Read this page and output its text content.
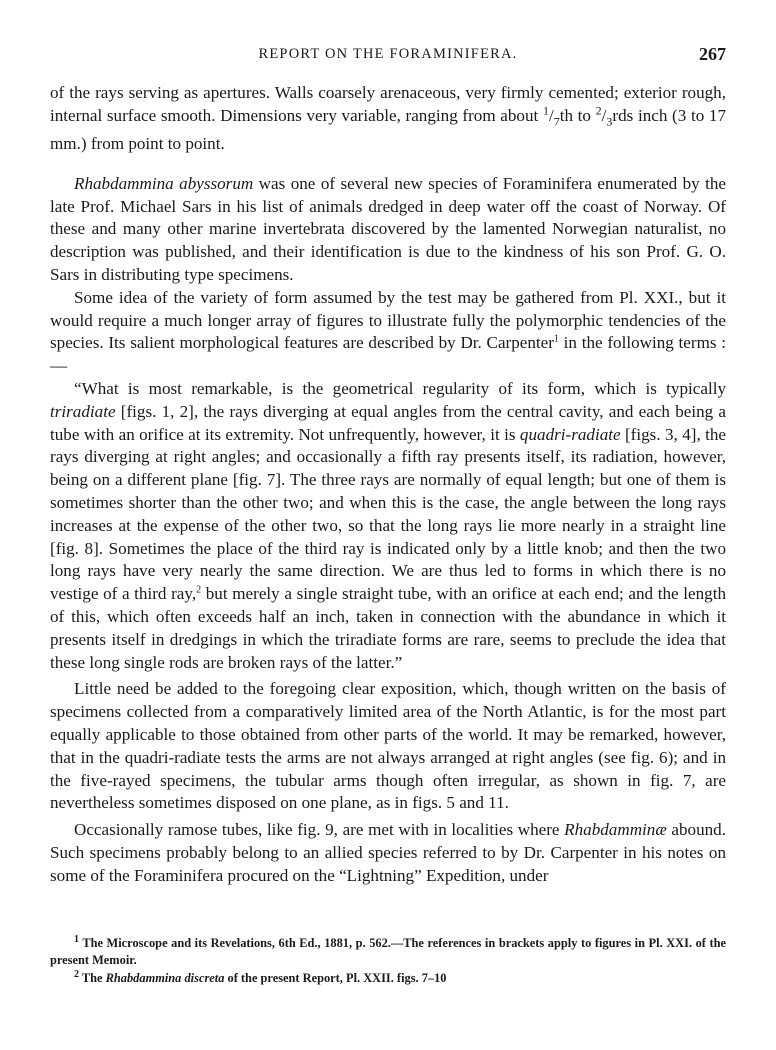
REPORT ON THE FORAMINIFERA.	267

of the rays serving as apertures. Walls coarsely arenaceous, very firmly cemented; exterior rough, internal surface smooth. Dimensions very variable, ranging from about $^1/_7th$ to $^2/_3rds$ inch (3 to 17 mm.) from point to point.

Rhabdammina abyssorum was one of several new species of Foraminifera enumerated by the late Prof. Michael Sars in his list of animals dredged in deep water off the coast of Norway. Of these and many other marine invertebrata discovered by the lamented Norwegian naturalist, no description was published, and their identification is due to the kindness of his son Prof. G. O. Sars in distributing type specimens.

Some idea of the variety of form assumed by the test may be gathered from Pl. XXI., but it would require a much longer array of figures to illustrate fully the polymorphic tendencies of the species. Its salient morphological features are described by Dr. Carpenter$^1$ in the following terms :—

“What is most remarkable, is the geometrical regularity of its form, which is typically triradiate [figs. 1, 2], the rays diverging at equal angles from the central cavity, and each being a tube with an orifice at its extremity. Not unfrequently, however, it is quadri-radiate [figs. 3, 4], the rays diverging at right angles; and occasionally a fifth ray presents itself, its radiation, however, being on a different plane [fig. 7]. The three rays are normally of equal length; but one of them is sometimes shorter than the other two; and when this is the case, the angle between the long rays increases at the expense of the other two, so that the long rays lie more nearly in a straight line [fig. 8]. Sometimes the place of the third ray is indicated only by a little knob; and then the two long rays have very nearly the same direction. We are thus led to forms in which there is no vestige of a third ray,$^2$ but merely a single straight tube, with an orifice at each end; and the length of this, which often exceeds half an inch, taken in connection with the abundance in which it presents itself in dredgings in which the triradiate forms are rare, seems to preclude the idea that these long single rods are broken rays of the latter.”

Little need be added to the foregoing clear exposition, which, though written on the basis of specimens collected from a comparatively limited area of the North Atlantic, is for the most part equally applicable to those obtained from other parts of the world. It may be remarked, however, that in the quadri-radiate tests the arms are not always arranged at right angles (see fig. 6); and in the five-rayed specimens, the tubular arms though often irregular, as shown in fig. 7, are nevertheless sometimes disposed on one plane, as in figs. 5 and 11.

Occasionally ramose tubes, like fig. 9, are met with in localities where Rhabdamminæ abound. Such specimens probably belong to an allied species referred to by Dr. Carpenter in his notes on some of the Foraminifera procured on the “Lightning” Expedition, under

$^1$ The Microscope and its Revelations, 6th Ed., 1881, p. 562.—The references in brackets apply to figures in Pl. XXI. of the present Memoir.

$^2$ The Rhabdammina discreta of the present Report, Pl. XXII. figs. 7–10
